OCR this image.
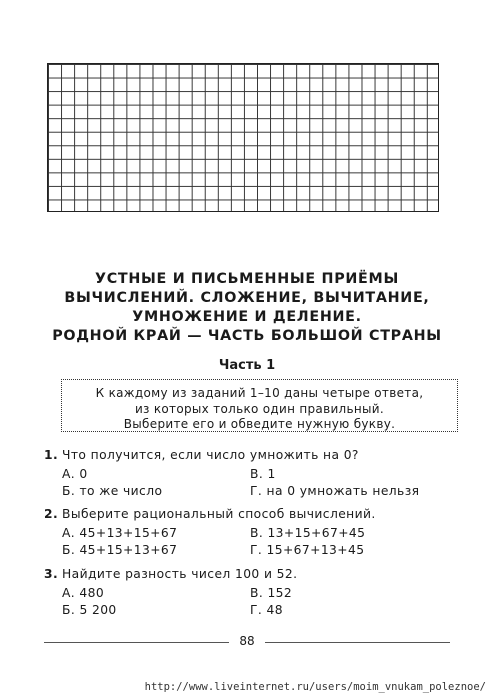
УСТНЫЕ И ПИСЬМЕННЫЕ ПРИЁМЫ
ВЫЧИСЛЕНИЙ. СЛОЖЕНИЕ, ВЫЧИТАНИЕ,
УМНОЖЕНИЕ И ДЕЛЕНИЕ.
РОДНОЙ КРАЙ — ЧАСТЬ БОЛЬШОЙ СТРАНЫ
Часть 1
К каждому из заданий 1–10 даны четыре ответа,
из которых только один правильный.
Выберите его и обведите нужную букву.
1. Что получится, если число умножить на 0?
А. 0	В. 1
Б. то же число	Г. на 0 умножать нельзя
2. Выберите рациональный способ вычислений.
А. 45+13+15+67	В. 13+15+67+45
Б. 45+15+13+67	Г. 15+67+13+45
3. Найдите разность чисел 100 и 52.
А. 480	В. 152
Б. 5 200	Г. 48
88
http://www.liveinternet.ru/users/moim_vnukam_poleznoe/
